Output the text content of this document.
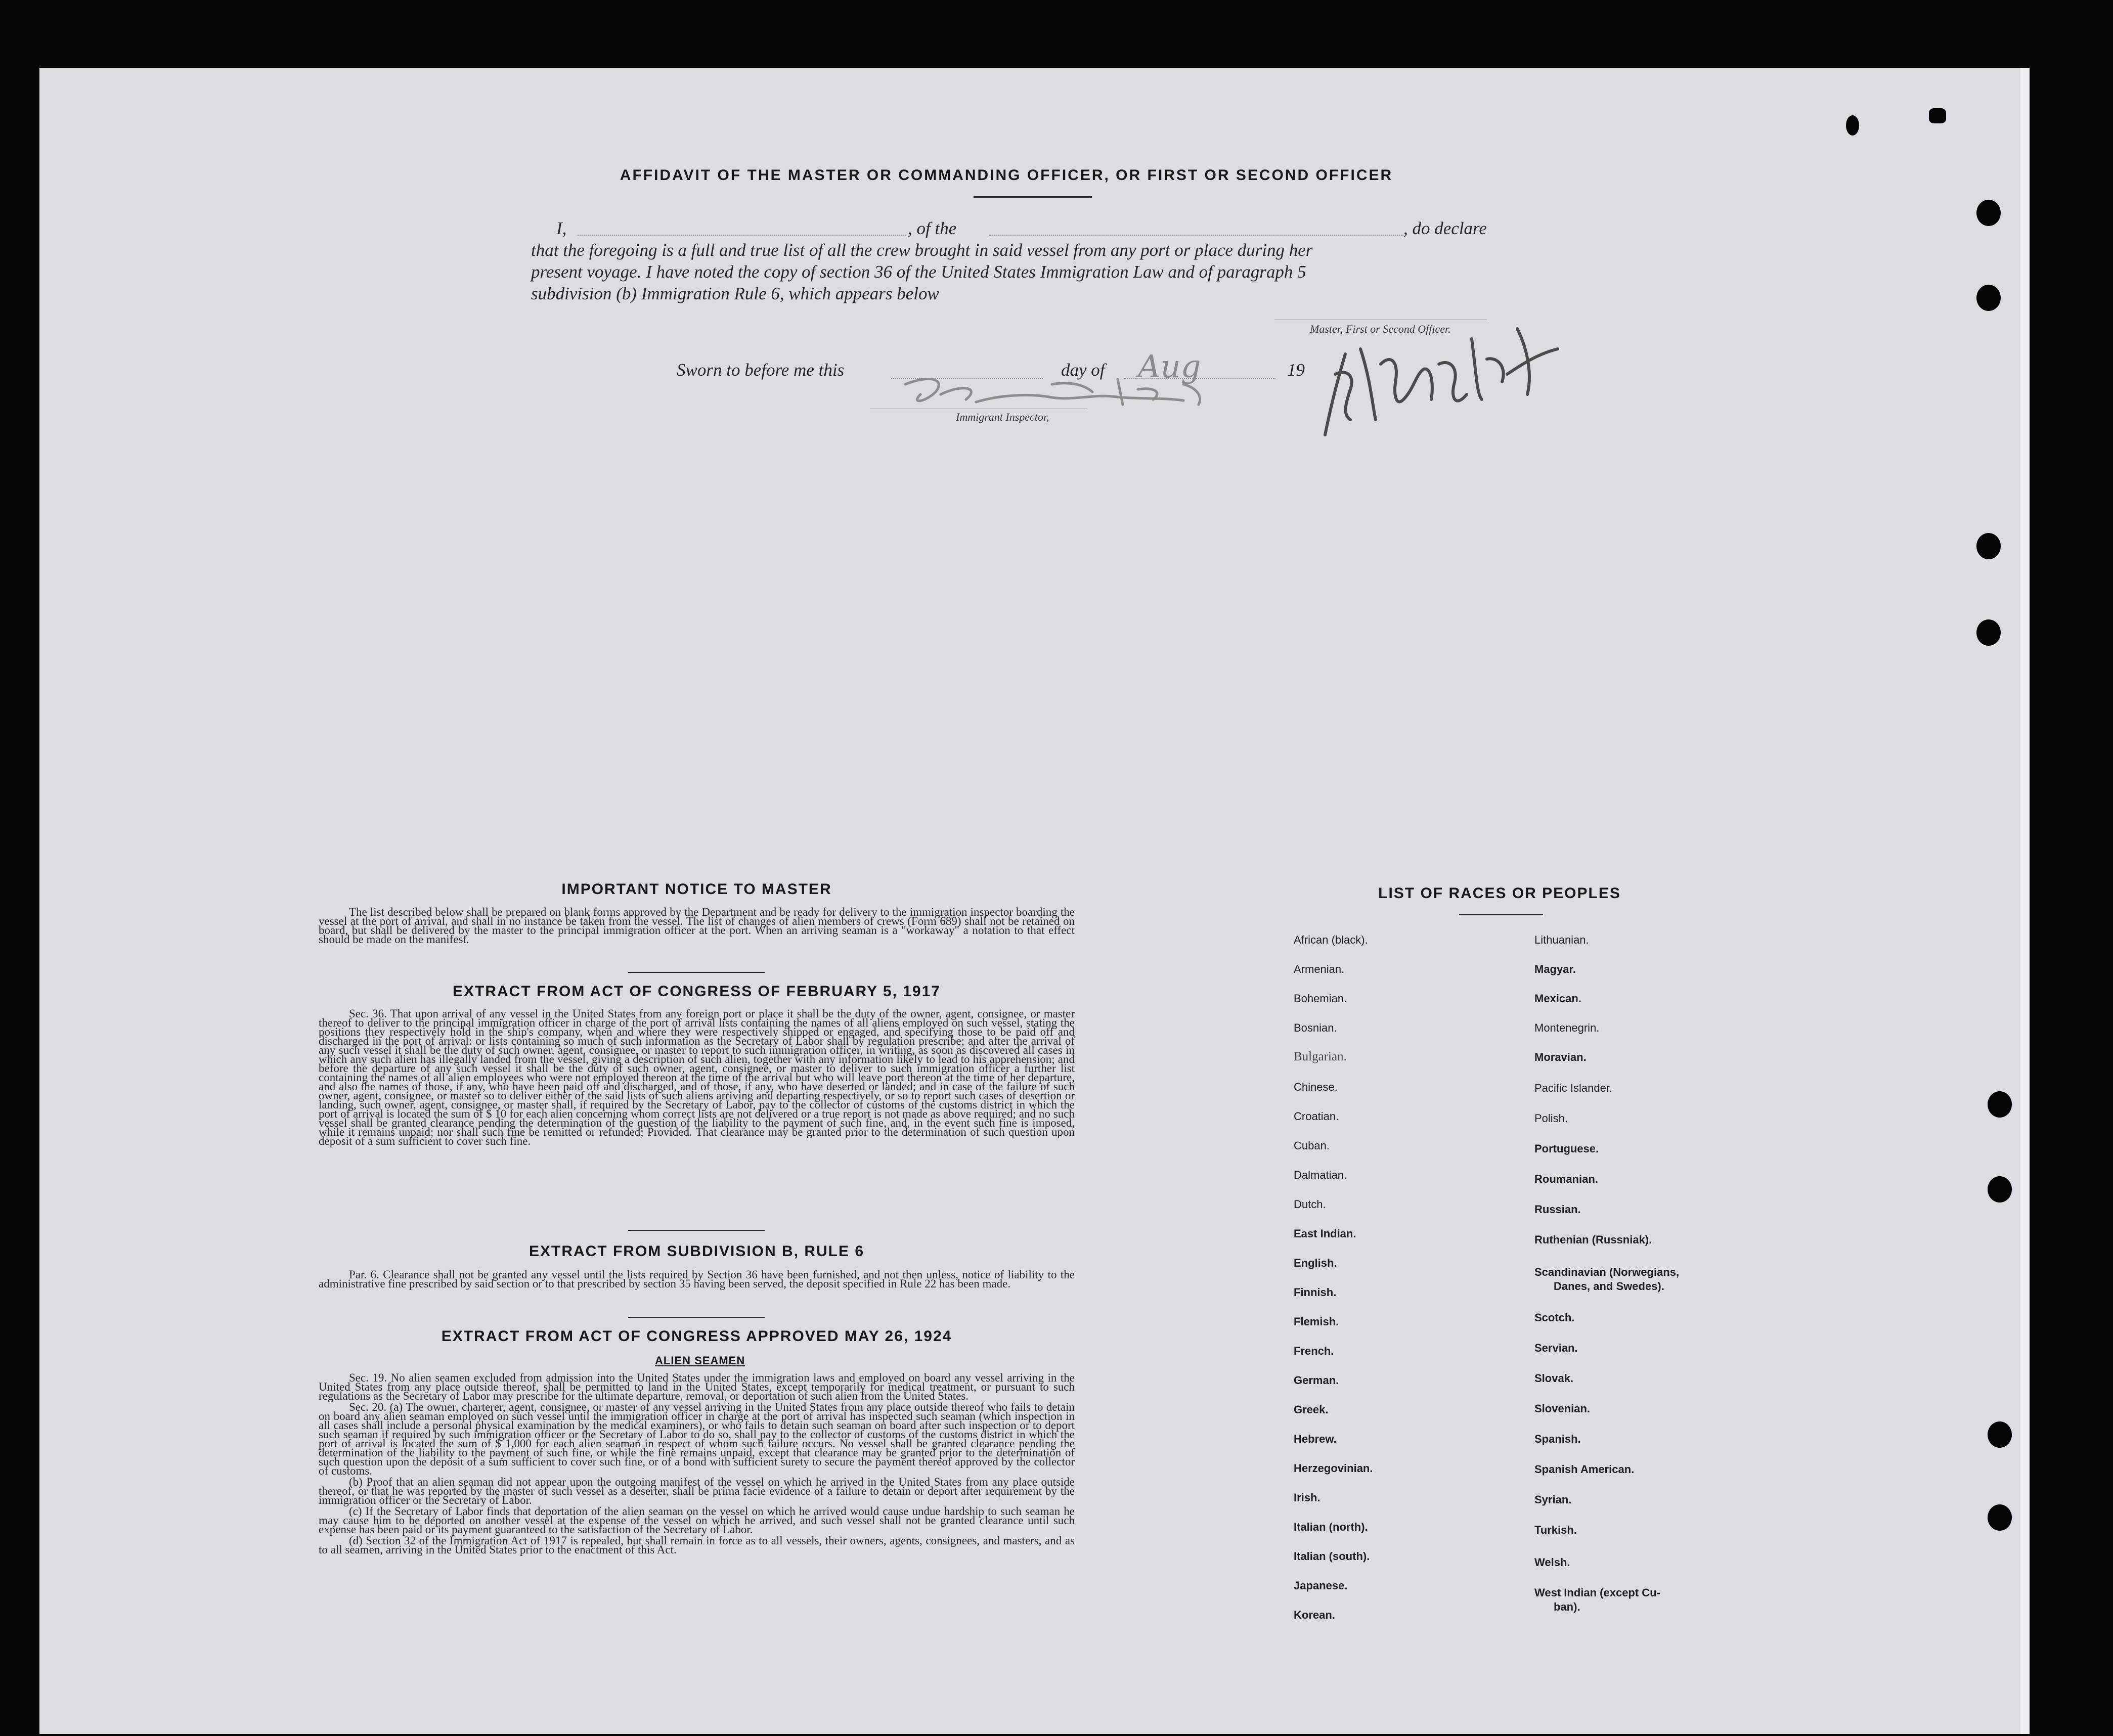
AFFIDAVIT OF THE MASTER OR COMMANDING OFFICER, OR FIRST OR SECOND OFFICER
I,	, of the	, do declare
that the foregoing is a full and true list of all the crew brought in said vessel from any port or place during her
present voyage. I have noted the copy of section 36 of the United States Immigration Law and of paragraph 5
subdivision (b) Immigration Rule 6, which appears below
Master, First or Second Officer.
Sworn to before me this	day of	19
Aug
Immigrant Inspector,
IMPORTANT NOTICE TO MASTER

The list described below shall be prepared on blank forms approved by the Department and be ready for delivery to the immigration inspector boarding the vessel at the port of arrival, and shall in no instance be taken from the vessel. The list of changes of alien members of crews (Form 689) shall not be retained on board, but shall be delivered by the master to the principal immigration officer at the port. When an arriving seaman is a "workaway" a notation to that effect should be made on the manifest.

EXTRACT FROM ACT OF CONGRESS OF FEBRUARY 5, 1917

Sec. 36. That upon arrival of any vessel in the United States from any foreign port or place it shall be the duty of the owner, agent, consignee, or master thereof to deliver to the principal immigration officer in charge of the port of arrival lists containing the names of all aliens employed on such vessel, stating the positions they respectively hold in the ship's company, when and where they were respectively shipped or engaged, and specifying those to be paid off and discharged in the port of arrival: or lists containing so much of such information as the Secretary of Labor shall by regulation prescribe; and after the arrival of any such vessel it shall be the duty of such owner, agent, consignee, or master to report to such immigration officer, in writing, as soon as discovered all cases in which any such alien has illegally landed from the vessel, giving a description of such alien, together with any information likely to lead to his apprehension; and before the departure of any such vessel it shall be the duty of such owner, agent, consignee, or master to deliver to such immigration officer a further list containing the names of all alien employees who were not employed thereon at the time of the arrival but who will leave port thereon at the time of her departure, and also the names of those, if any, who have been paid off and discharged, and of those, if any, who have deserted or landed; and in case of the failure of such owner, agent, consignee, or master so to deliver either of the said lists of such aliens arriving and departing respectively, or so to report such cases of desertion or landing, such owner, agent, consignee, or master shall, if required by the Secretary of Labor, pay to the collector of customs of the customs district in which the port of arrival is located the sum of $ 10 for each alien concerning whom correct lists are not delivered or a true report is not made as above required; and no such vessel shall be granted clearance pending the determination of the question of the liability to the payment of such fine, and, in the event such fine is imposed, while it remains unpaid; nor shall such fine be remitted or refunded; Provided. That clearance may be granted prior to the determination of such question upon deposit of a sum sufficient to cover such fine.

EXTRACT FROM SUBDIVISION B, RULE 6

Par. 6. Clearance shall not be granted any vessel until the lists required by Section 36 have been furnished, and not then unless, notice of liability to the administrative fine prescribed by said section or to that prescribed by section 35 having been served, the deposit specified in Rule 22 has been made.

EXTRACT FROM ACT OF CONGRESS APPROVED MAY 26, 1924
ALIEN SEAMEN

Sec. 19. No alien seamen excluded from admission into the United States under the immigration laws and employed on board any vessel arriving in the United States from any place outside thereof, shall be permitted to land in the United States, except temporarily for medical treatment, or pursuant to such regulations as the Secretary of Labor may prescribe for the ultimate departure, removal, or deportation of such alien from the United States.

Sec. 20. (a) The owner, charterer, agent, consignee, or master of any vessel arriving in the United States from any place outside thereof who fails to detain on board any alien seaman employed on such vessel until the immigration officer in charge at the port of arrival has inspected such seaman (which inspection in all cases shall include a personal physical examination by the medical examiners), or who fails to detain such seaman on board after such inspection or to deport such seaman if required by such immigration officer or the Secretary of Labor to do so, shall pay to the collector of customs of the customs district in which the port of arrival is located the sum of $ 1,000 for each alien seaman in respect of whom such failure occurs. No vessel shall be granted clearance pending the determination of the liability to the payment of such fine, or while the fine remains unpaid, except that clearance may be granted prior to the determination of such question upon the deposit of a sum sufficient to cover such fine, or of a bond with sufficient surety to secure the payment thereof approved by the collector of customs.

(b) Proof that an alien seaman did not appear upon the outgoing manifest of the vessel on which he arrived in the United States from any place outside thereof, or that he was reported by the master of such vessel as a deserter, shall be prima facie evidence of a failure to detain or deport after requirement by the immigration officer or the Secretary of Labor.

(c) If the Secretary of Labor finds that deportation of the alien seaman on the vessel on which he arrived would cause undue hardship to such seaman he may cause him to be deported on another vessel at the expense of the vessel on which he arrived, and such vessel shall not be granted clearance until such expense has been paid or its payment guaranteed to the satisfaction of the Secretary of Labor.

(d) Section 32 of the Immigration Act of 1917 is repealed, but shall remain in force as to all vessels, their owners, agents, consignees, and masters, and as to all seamen, arriving in the United States prior to the enactment of this Act.

LIST OF RACES OR PEOPLES
African (black).
Armenian.
Bohemian.
Bosnian.
Bulgarian.
Chinese.
Croatian.
Cuban.
Dalmatian.
Dutch.
East Indian.
English.
Finnish.
Flemish.
French.
German.
Greek.
Hebrew.
Herzegovinian.
Irish.
Italian (north).
Italian (south).
Japanese.
Korean.
Lithuanian.
Magyar.
Mexican.
Montenegrin.
Moravian.
Pacific Islander.
Polish.
Portuguese.
Roumanian.
Russian.
Ruthenian (Russniak).
Scandinavian (Norwegians,
Danes, and Swedes).
Scotch.
Servian.
Slovak.
Slovenian.
Spanish.
Spanish American.
Syrian.
Turkish.
Welsh.
West Indian (except Cu-
ban).
